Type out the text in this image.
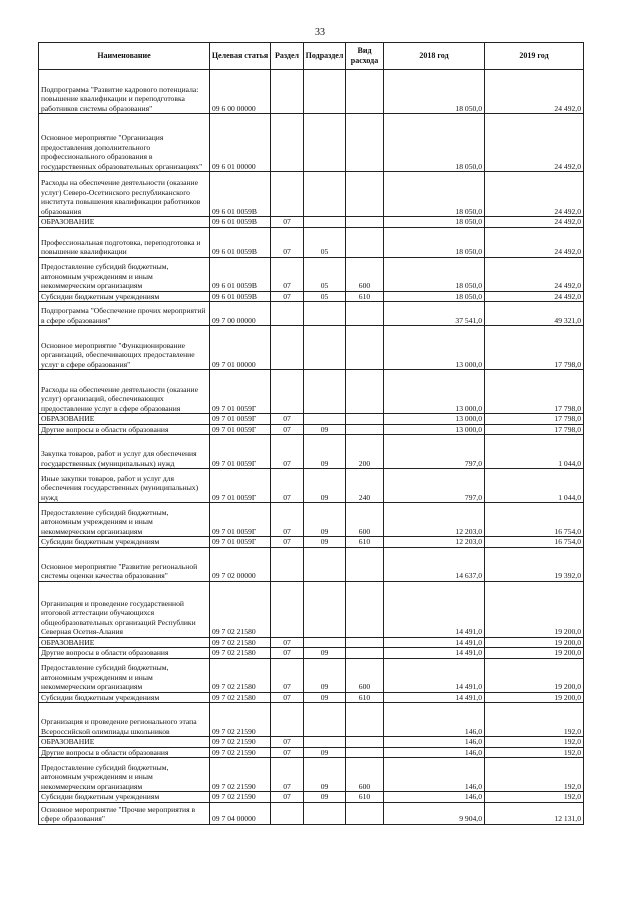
33
Наименование	Целевая статья	Раздел	Подраздел	Вид расхода	2018 год	2019 год
Подпрограмма "Развитие кадрового потенциала: повышение квалификации и переподготовка работников системы образования"	09 6 00 00000				18 050,0	24 492,0
Основное мероприятие "Организация предоставления дополнительного профессионального образования в государственных образовательных организациях"	09 6 01 00000				18 050,0	24 492,0
Расходы на обеспечение деятельности (оказание услуг) Северо-Осетинского республиканского института повышения квалификации работников образования	09 6 01 0059В				18 050,0	24 492,0
ОБРАЗОВАНИЕ	09 6 01 0059В	07			18 050,0	24 492,0
Профессиональная подготовка, переподготовка и повышение квалификации	09 6 01 0059В	07	05		18 050,0	24 492,0
Предоставление субсидий бюджетным, автономным учреждениям и иным некоммерческим организациям	09 6 01 0059В	07	05	600	18 050,0	24 492,0
Субсидии бюджетным учреждениям	09 6 01 0059В	07	05	610	18 050,0	24 492,0
Подпрограмма "Обеспечение прочих мероприятий в сфере образования"	09 7 00 00000				37 541,0	49 321,0
Основное мероприятие "Функционирование организаций, обеспечивающих предоставление услуг в сфере образования"	09 7 01 00000				13 000,0	17 798,0
Расходы на обеспечение деятельности (оказание услуг) организаций, обеспечивающих предоставление услуг в сфере образования	09 7 01 0059Г				13 000,0	17 798,0
ОБРАЗОВАНИЕ	09 7 01 0059Г	07			13 000,0	17 798,0
Другие вопросы в области образования	09 7 01 0059Г	07	09		13 000,0	17 798,0
Закупка товаров, работ и услуг для обеспечения государственных (муниципальных) нужд	09 7 01 0059Г	07	09	200	797,0	1 044,0
Иные закупки товаров, работ и услуг для обеспечения государственных (муниципальных) нужд	09 7 01 0059Г	07	09	240	797,0	1 044,0
Предоставление субсидий бюджетным, автономным учреждениям и иным некоммерческим организациям	09 7 01 0059Г	07	09	600	12 203,0	16 754,0
Субсидии бюджетным учреждениям	09 7 01 0059Г	07	09	610	12 203,0	16 754,0
Основное мероприятие "Развитие региональной системы оценки качества образования"	09 7 02 00000				14 637,0	19 392,0
Организация и проведение государственной итоговой аттестации обучающихся общеобразовательных организаций Республики Северная Осетия-Алания	09 7 02 21580				14 491,0	19 200,0
ОБРАЗОВАНИЕ	09 7 02 21580	07			14 491,0	19 200,0
Другие вопросы в области образования	09 7 02 21580	07	09		14 491,0	19 200,0
Предоставление субсидий бюджетным, автономным учреждениям и иным некоммерческим организациям	09 7 02 21580	07	09	600	14 491,0	19 200,0
Субсидии бюджетным учреждениям	09 7 02 21580	07	09	610	14 491,0	19 200,0
Организация и проведение регионального этапа Всероссийской олимпиады школьников	09 7 02 21590				146,0	192,0
ОБРАЗОВАНИЕ	09 7 02 21590	07			146,0	192,0
Другие вопросы в области образования	09 7 02 21590	07	09		146,0	192,0
Предоставление субсидий бюджетным, автономным учреждениям и иным некоммерческим организациям	09 7 02 21590	07	09	600	146,0	192,0
Субсидии бюджетным учреждениям	09 7 02 21590	07	09	610	146,0	192,0
Основное мероприятие "Прочие мероприятия в сфере образования"	09 7 04 00000				9 904,0	12 131,0
